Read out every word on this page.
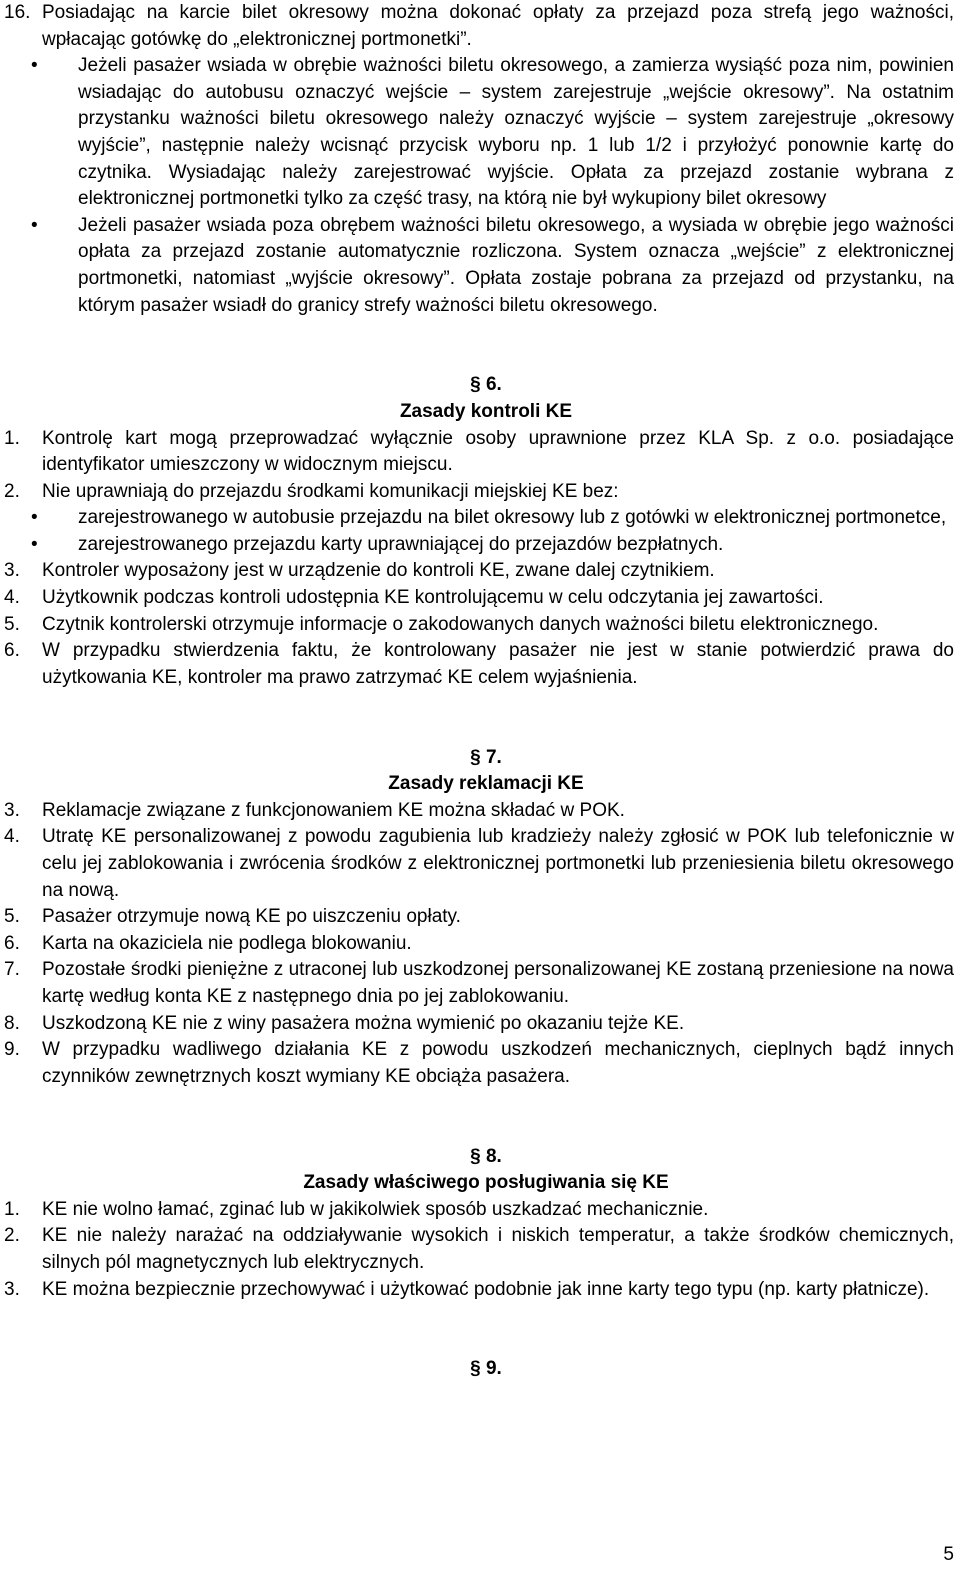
16. Posiadając na karcie bilet okresowy można dokonać opłaty za przejazd poza strefą jego ważności, wpłacając gotówkę do „elektronicznej portmonetki”.
• Jeżeli pasażer wsiada w obrębie ważności biletu okresowego, a zamierza wysiąść poza nim, powinien wsiadając do autobusu oznaczyć wejście – system zarejestruje „wejście okresowy”. Na ostatnim przystanku ważności biletu okresowego należy oznaczyć wyjście – system zarejestruje „okresowy wyjście”, następnie należy wcisnąć przycisk wyboru np. 1 lub 1/2 i przyłożyć ponownie kartę do czytnika. Wysiadając należy zarejestrować wyjście. Opłata za przejazd zostanie wybrana z elektronicznej portmonetki tylko za część trasy, na którą nie był wykupiony bilet okresowy
• Jeżeli pasażer wsiada poza obrębem ważności biletu okresowego, a wysiada w obrębie jego ważności opłata za przejazd zostanie automatycznie rozliczona. System oznacza „wejście” z elektronicznej portmonetki, natomiast „wyjście okresowy”. Opłata zostaje pobrana za przejazd od przystanku, na którym pasażer wsiadł do granicy strefy ważności biletu okresowego.
§ 6.
Zasady kontroli KE
1. Kontrolę kart mogą przeprowadzać wyłącznie osoby uprawnione przez KLA Sp. z o.o. posiadające identyfikator umieszczony w widocznym miejscu.
2. Nie uprawniają do przejazdu środkami komunikacji miejskiej KE bez:
• zarejestrowanego w autobusie przejazdu na bilet okresowy lub z gotówki w elektronicznej portmonetce,
• zarejestrowanego przejazdu karty uprawniającej do przejazdów bezpłatnych.
3. Kontroler wyposażony jest w urządzenie do kontroli KE, zwane dalej czytnikiem.
4. Użytkownik podczas kontroli udostępnia KE kontrolującemu w celu odczytania jej zawartości.
5. Czytnik kontrolerski otrzymuje informacje o zakodowanych danych ważności biletu elektronicznego.
6. W przypadku stwierdzenia faktu, że kontrolowany pasażer nie jest w stanie potwierdzić prawa do użytkowania KE, kontroler ma prawo zatrzymać KE celem wyjaśnienia.
§ 7.
Zasady reklamacji KE
3. Reklamacje związane z funkcjonowaniem KE można składać w POK.
4. Utratę KE personalizowanej z powodu zagubienia lub kradzieży należy zgłosić w POK lub telefonicznie w celu jej zablokowania i zwrócenia środków z elektronicznej portmonetki lub przeniesienia biletu okresowego na nową.
5. Pasażer otrzymuje nową KE po uiszczeniu opłaty.
6. Karta na okaziciela nie podlega blokowaniu.
7. Pozostałe środki pieniężne z utraconej lub uszkodzonej personalizowanej KE zostaną przeniesione na nowa kartę według konta KE z następnego dnia po jej zablokowaniu.
8. Uszkodzoną KE nie z winy pasażera można wymienić po okazaniu tejże KE.
9. W przypadku wadliwego działania KE z powodu uszkodzeń mechanicznych, cieplnych bądź innych czynników zewnętrznych koszt wymiany KE obciąża pasażera.
§ 8.
Zasady właściwego posługiwania się KE
1. KE nie wolno łamać, zginać lub w jakikolwiek sposób uszkadzać mechanicznie.
2. KE nie należy narażać na oddziaływanie wysokich i niskich temperatur, a także środków chemicznych, silnych pól magnetycznych lub elektrycznych.
3. KE można bezpiecznie przechowywać i użytkować podobnie jak inne karty tego typu (np. karty płatnicze).
§ 9.
5
